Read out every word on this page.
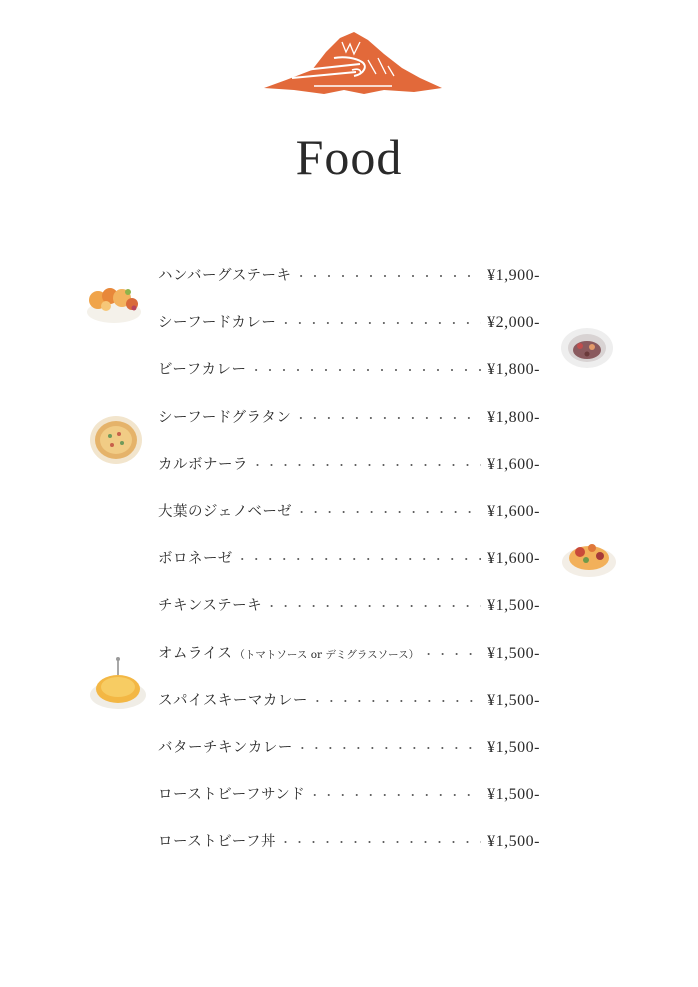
Food
ハンバーグステーキ ・・・・・・・・・・・・・・・・・・・・・・・・・・・・・・・・・・・・・・	¥1,900-
シーフードカレー ・・・・・・・・・・・・・・・・・・・・・・・・・・・・・・・・・・・・・・	¥2,000-
ビーフカレー ・・・・・・・・・・・・・・・・・・・・・・・・・・・・・・・・・・・・・・	¥1,800-
シーフードグラタン ・・・・・・・・・・・・・・・・・・・・・・・・・・・・・・・・・・・・・・	¥1,800-
カルボナーラ ・・・・・・・・・・・・・・・・・・・・・・・・・・・・・・・・・・・・・・	¥1,600-
大葉のジェノベーゼ ・・・・・・・・・・・・・・・・・・・・・・・・・・・・・・・・・・・・・・	¥1,600-
ボロネーゼ ・・・・・・・・・・・・・・・・・・・・・・・・・・・・・・・・・・・・・・	¥1,600-
チキンステーキ ・・・・・・・・・・・・・・・・・・・・・・・・・・・・・・・・・・・・・・	¥1,500-
オムライス （トマトソース or デミグラスソース） ・・・・・・・・・・・・・・・・・・・・・・・・・・・・・・・・・・・・・・	¥1,500-
スパイスキーマカレー ・・・・・・・・・・・・・・・・・・・・・・・・・・・・・・・・・・・・・・	¥1,500-
バターチキンカレー ・・・・・・・・・・・・・・・・・・・・・・・・・・・・・・・・・・・・・・	¥1,500-
ローストビーフサンド ・・・・・・・・・・・・・・・・・・・・・・・・・・・・・・・・・・・・・・	¥1,500-
ローストビーフ丼 ・・・・・・・・・・・・・・・・・・・・・・・・・・・・・・・・・・・・・・	¥1,500-
